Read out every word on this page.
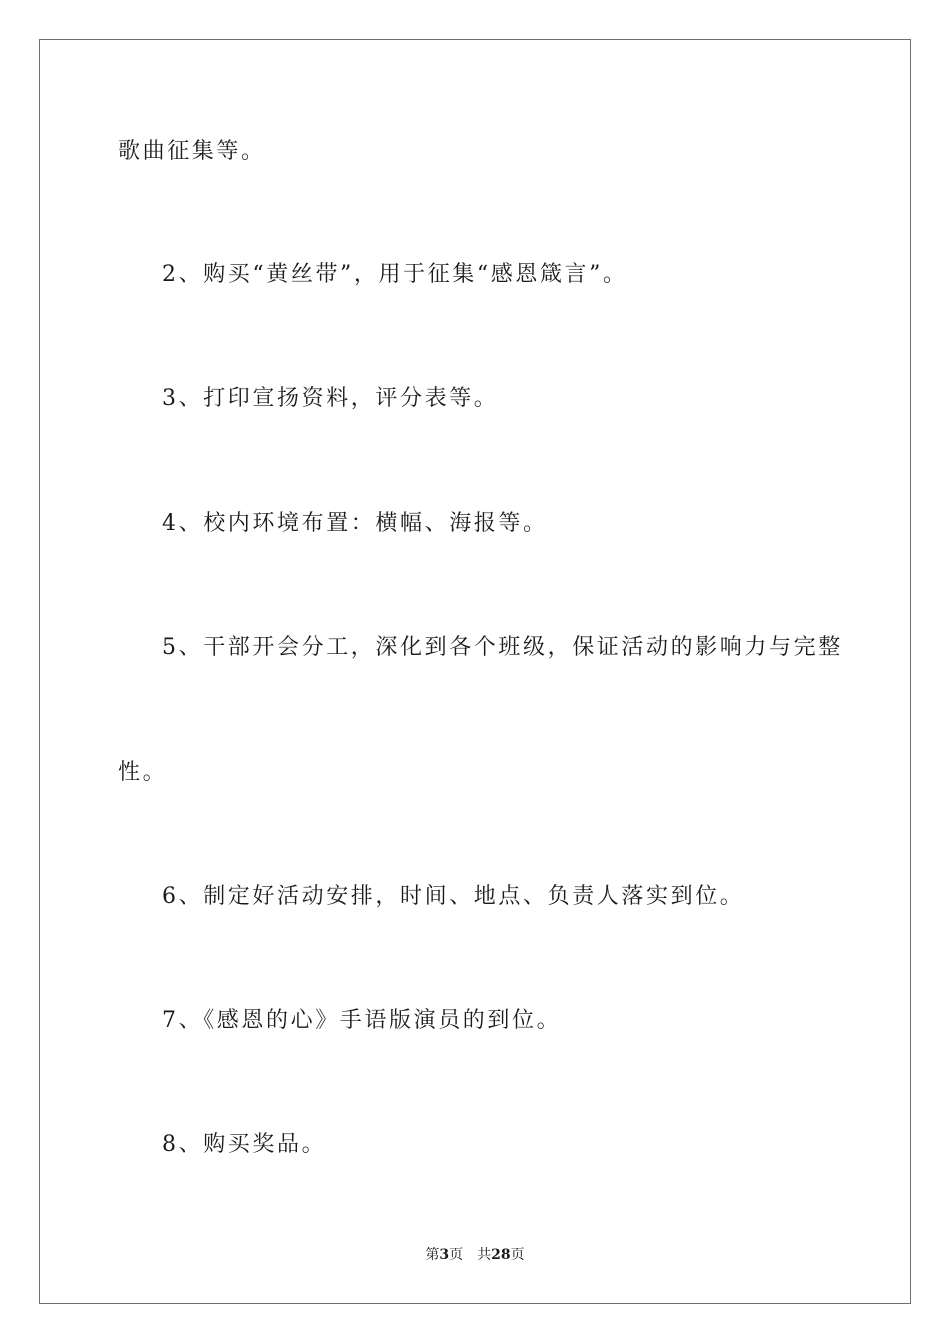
歌曲征集等。
2、购买“黄丝带”，用于征集“感恩箴言”。
3、打印宣扬资料，评分表等。
4、校内环境布置：横幅、海报等。
5、干部开会分工，深化到各个班级，保证活动的影响力与完整
性。
6、制定好活动安排，时间、地点、负责人落实到位。
7、《感恩的心》手语版演员的到位。
8、购买奖品。
第3页 共28页
